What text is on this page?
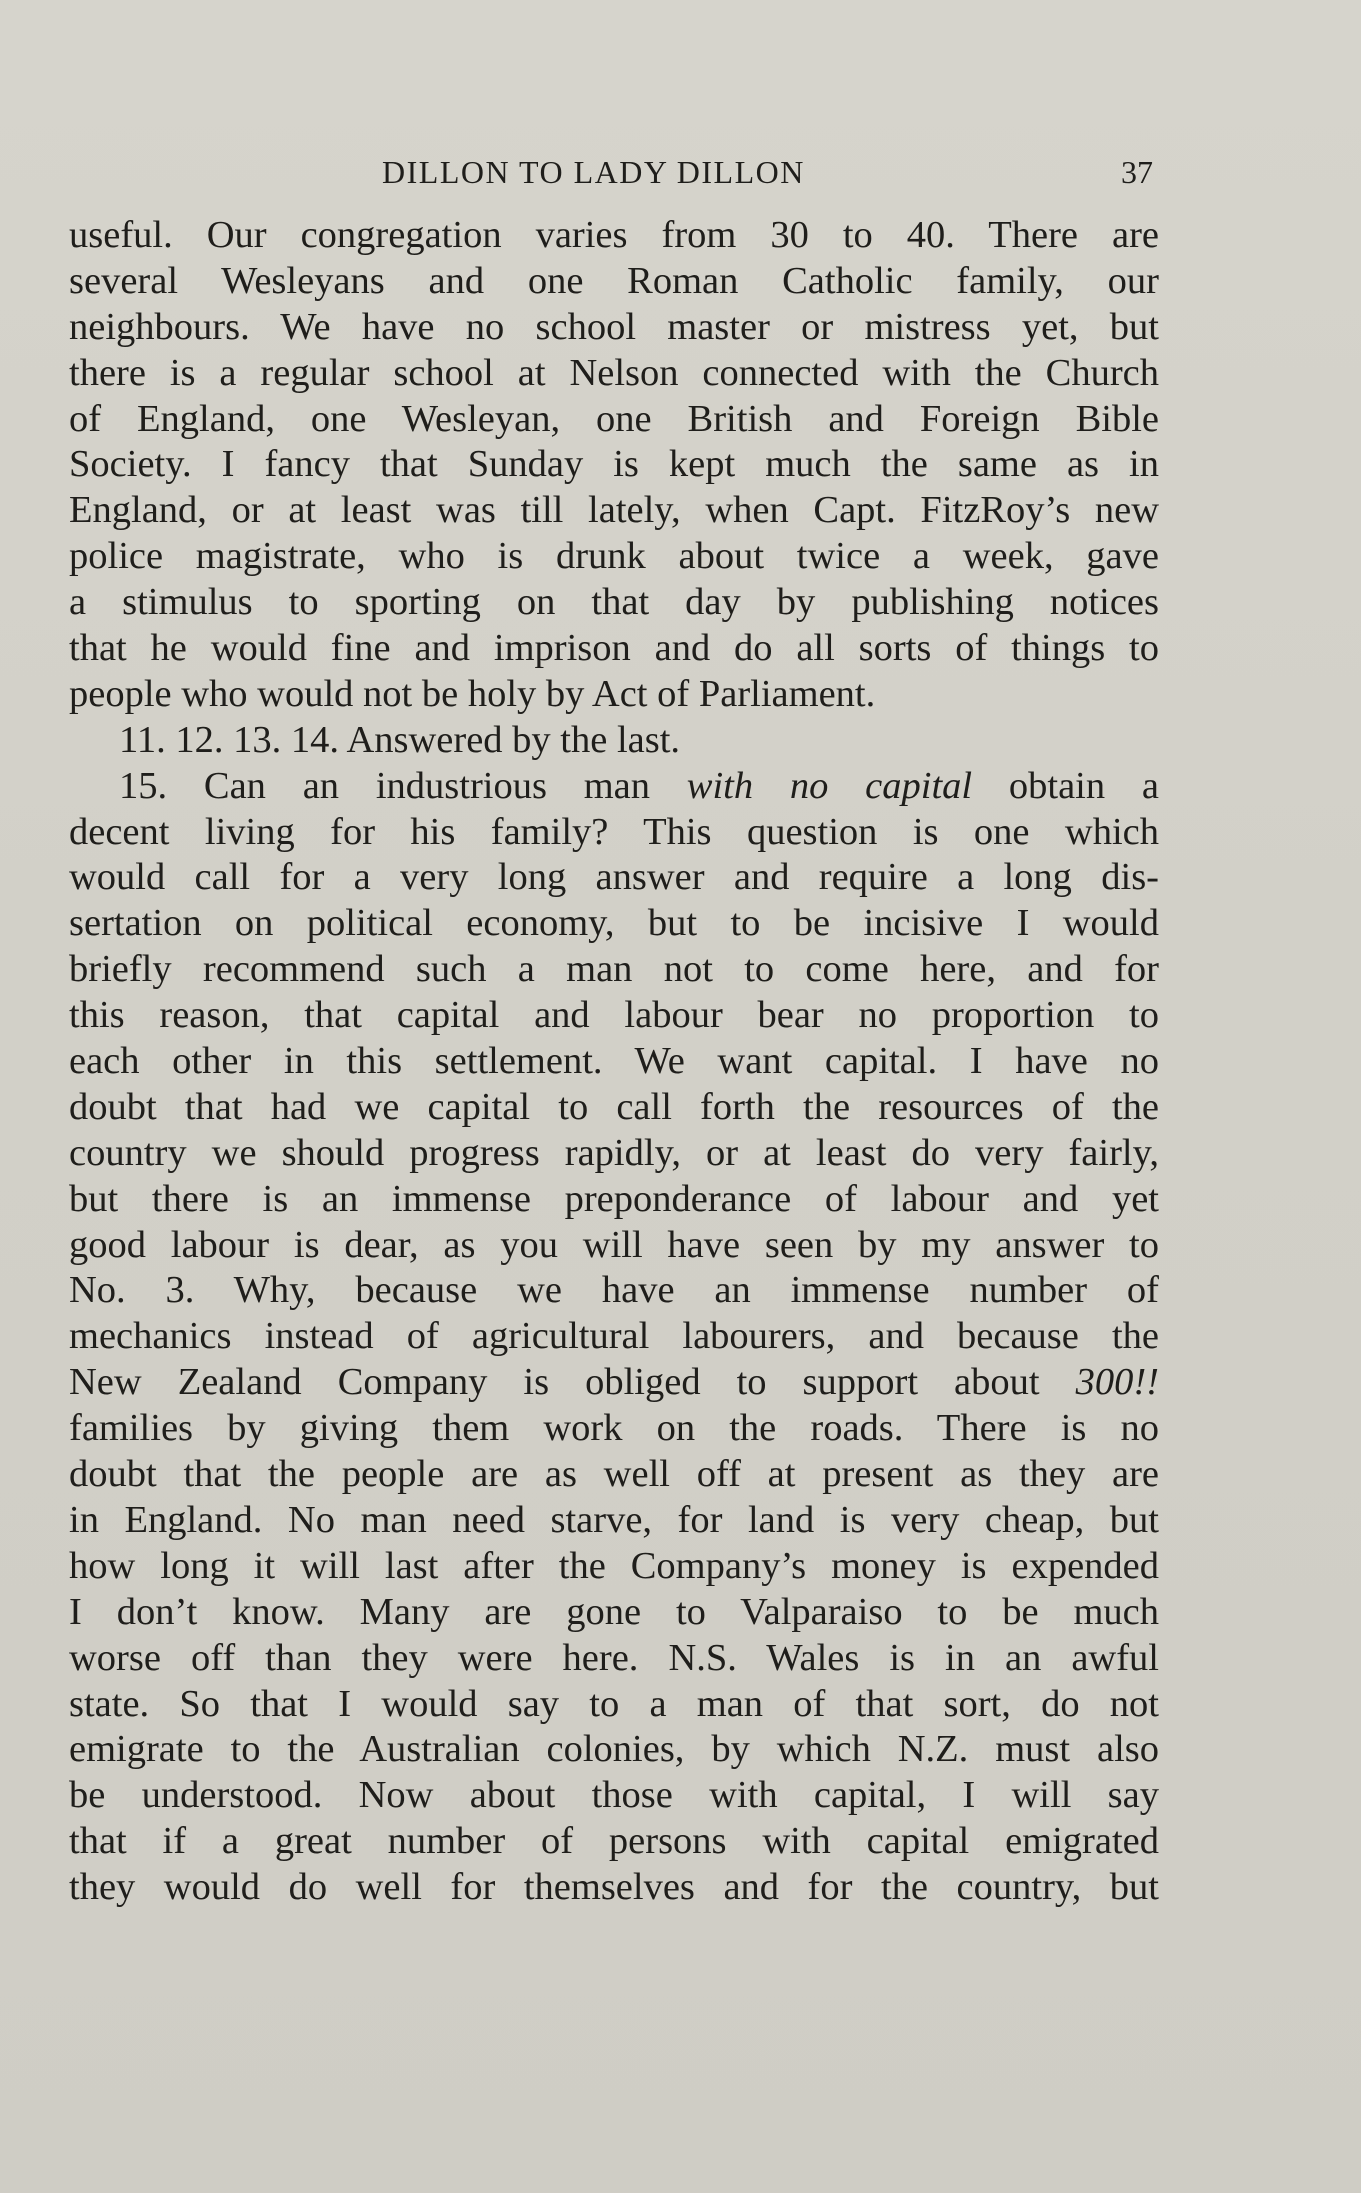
DILLON TO LADY DILLON	37
useful. Our congregation varies from 30 to 40. There are
several Wesleyans and one Roman Catholic family, our
neighbours. We have no school master or mistress yet, but
there is a regular school at Nelson connected with the Church
of England, one Wesleyan, one British and Foreign Bible
Society. I fancy that Sunday is kept much the same as in
England, or at least was till lately, when Capt. FitzRoy’s new
police magistrate, who is drunk about twice a week, gave
a stimulus to sporting on that day by publishing notices
that he would fine and imprison and do all sorts of things to
people who would not be holy by Act of Parliament.
11. 12. 13. 14. Answered by the last.
15. Can an industrious man with no capital obtain a
decent living for his family? This question is one which
would call for a very long answer and require a long dis-
sertation on political economy, but to be incisive I would
briefly recommend such a man not to come here, and for
this reason, that capital and labour bear no proportion to
each other in this settlement. We want capital. I have no
doubt that had we capital to call forth the resources of the
country we should progress rapidly, or at least do very fairly,
but there is an immense preponderance of labour and yet
good labour is dear, as you will have seen by my answer to
No. 3. Why, because we have an immense number of
mechanics instead of agricultural labourers, and because the
New Zealand Company is obliged to support about 300!!
families by giving them work on the roads. There is no
doubt that the people are as well off at present as they are
in England. No man need starve, for land is very cheap, but
how long it will last after the Company’s money is expended
I don’t know. Many are gone to Valparaiso to be much
worse off than they were here. N.S. Wales is in an awful
state. So that I would say to a man of that sort, do not
emigrate to the Australian colonies, by which N.Z. must also
be understood. Now about those with capital, I will say
that if a great number of persons with capital emigrated
they would do well for themselves and for the country, but
